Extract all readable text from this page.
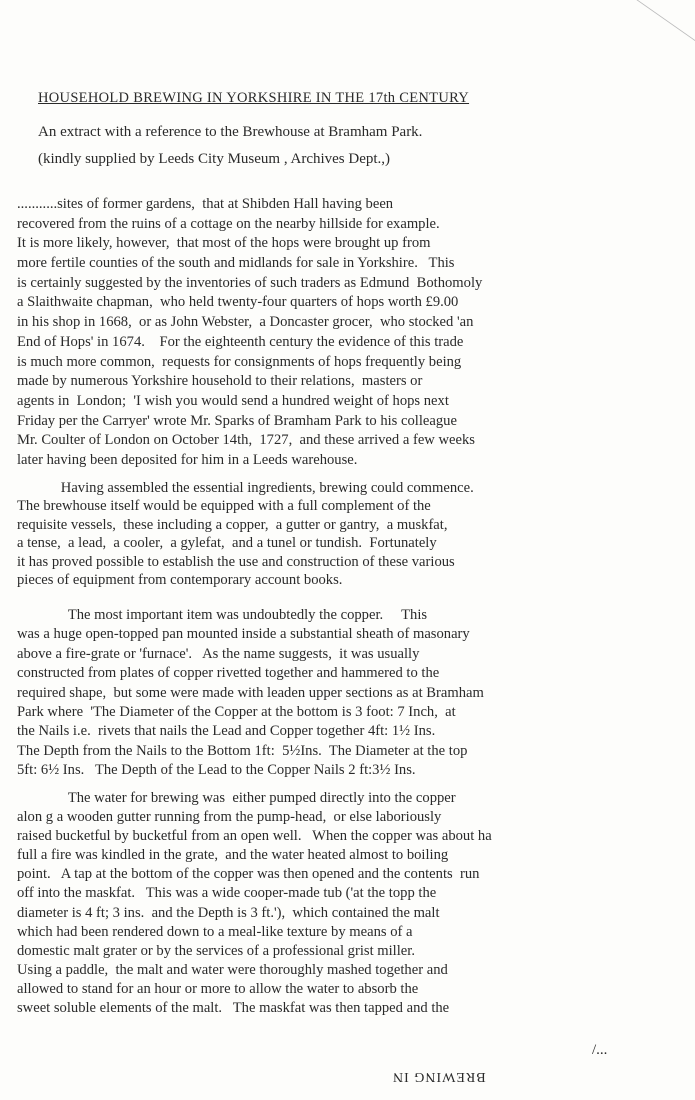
HOUSEHOLD BREWING IN YORKSHIRE IN THE 17th CENTURY
An extract with a reference to the Brewhouse at Bramham Park.
(kindly supplied by Leeds City Museum , Archives Dept.,)
...........sites of former gardens,  that at Shibden Hall having been
recovered from the ruins of a cottage on the nearby hillside for example.
It is more likely, however,  that most of the hops were brought up from
more fertile counties of the south and midlands for sale in Yorkshire.   This
is certainly suggested by the inventories of such traders as Edmund  Bothomoly
a Slaithwaite chapman,  who held twenty-four quarters of hops worth £9.00
in his shop in 1668,  or as John Webster,  a Doncaster grocer,  who stocked 'an
End of Hops' in 1674.    For the eighteenth century the evidence of this trade
is much more common,  requests for consignments of hops frequently being
made by numerous Yorkshire household to their relations,  masters or
agents in  London;  'I wish you would send a hundred weight of hops next
Friday per the Carryer' wrote Mr. Sparks of Bramham Park to his colleague
Mr. Coulter of London on October 14th,  1727,  and these arrived a few weeks
later having been deposited for him in a Leeds warehouse.
Having assembled the essential ingredients, brewing could commence.
The brewhouse itself would be equipped with a full complement of the
requisite vessels,  these including a copper,  a gutter or gantry,  a muskfat,
a tense,  a lead,  a cooler,  a gylefat,  and a tunel or tundish.  Fortunately
it has proved possible to establish the use and construction of these various
pieces of equipment from contemporary account books.
The most important item was undoubtedly the copper.     This
was a huge open-topped pan mounted inside a substantial sheath of masonary
above a fire-grate or 'furnace'.   As the name suggests,  it was usually
constructed from plates of copper rivetted together and hammered to the
required shape,  but some were made with leaden upper sections as at Bramham
Park where  'The Diameter of the Copper at the bottom is 3 foot: 7 Inch,  at
the Nails i.e.  rivets that nails the Lead and Copper together 4ft: 1½ Ins.
The Depth from the Nails to the Bottom 1ft:  5½Ins.  The Diameter at the top
5ft: 6½ Ins.   The Depth of the Lead to the Copper Nails 2 ft:3½ Ins.
The water for brewing was  either pumped directly into the copper
alon g a wooden gutter running from the pump-head,  or else laboriously
raised bucketful by bucketful from an open well.   When the copper was about ha
full a fire was kindled in the grate,  and the water heated almost to boiling
point.   A tap at the bottom of the copper was then opened and the contents  run
off into the maskfat.   This was a wide cooper-made tub ('at the topp the
diameter is 4 ft; 3 ins.  and the Depth is 3 ft.'),  which contained the malt
which had been rendered down to a meal-like texture by means of a
domestic malt grater or by the services of a professional grist miller.
Using a paddle,  the malt and water were thoroughly mashed together and
allowed to stand for an hour or more to allow the water to absorb the
sweet soluble elements of the malt.   The maskfat was then tapped and the
/...
BREWING IN
